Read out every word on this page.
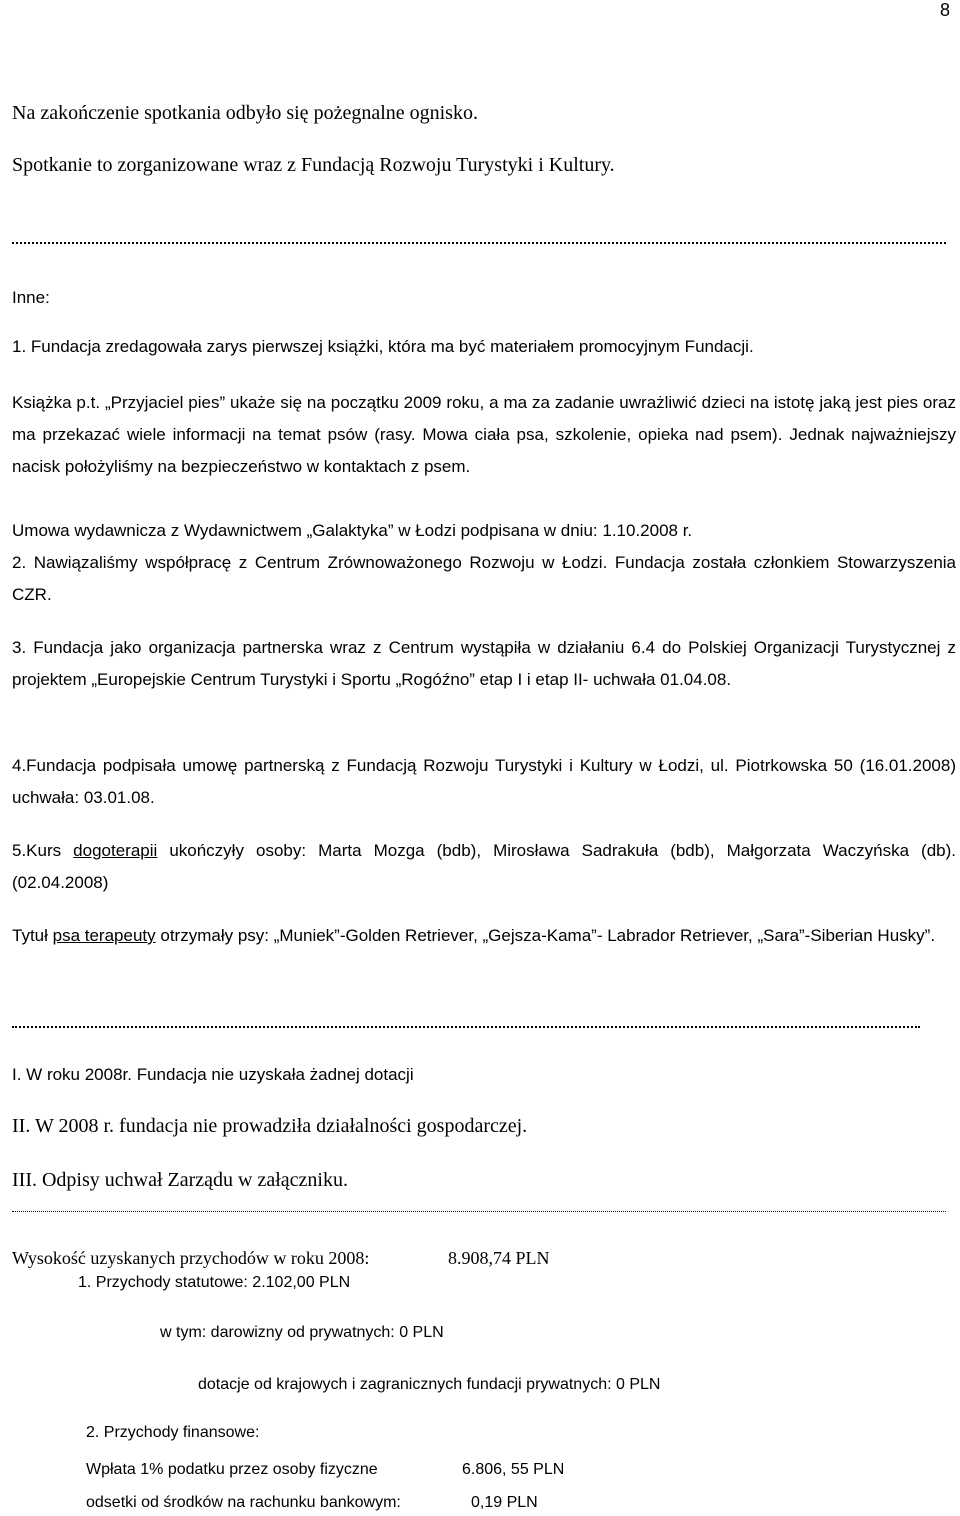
8
Na zakończenie spotkania odbyło się pożegnalne ognisko.
Spotkanie to zorganizowane wraz z Fundacją Rozwoju Turystyki i Kultury.
Inne:
1. Fundacja zredagowała zarys pierwszej książki, która ma być materiałem promocyjnym Fundacji.
Książka p.t. „Przyjaciel pies” ukaże się na początku 2009 roku, a ma za zadanie uwrażliwić dzieci na istotę jaką jest pies oraz ma przekazać wiele informacji na temat psów (rasy. Mowa ciała psa, szkolenie, opieka nad psem). Jednak najważniejszy nacisk położyliśmy na bezpieczeństwo w kontaktach z psem.
Umowa wydawnicza z Wydawnictwem „Galaktyka” w Łodzi podpisana w dniu: 1.10.2008 r.
2. Nawiązaliśmy współpracę z Centrum Zrównoważonego Rozwoju w Łodzi. Fundacja została członkiem Stowarzyszenia CZR.
3. Fundacja jako organizacja partnerska wraz z Centrum wystąpiła w działaniu 6.4 do Polskiej Organizacji Turystycznej z projektem „Europejskie Centrum Turystyki i Sportu „Rogóźno” etap I i etap II- uchwała 01.04.08.
4.Fundacja podpisała umowę partnerską z Fundacją Rozwoju Turystyki i Kultury w Łodzi, ul. Piotrkowska 50 (16.01.2008) uchwała: 03.01.08.
5.Kurs dogoterapii ukończyły osoby: Marta Mozga (bdb), Mirosława Sadrakuła (bdb), Małgorzata Waczyńska (db). (02.04.2008)
Tytuł psa terapeuty otrzymały psy: „Muniek”-Golden Retriever, „Gejsza-Kama”- Labrador Retriever, „Sara”-Siberian Husky”.
I. W roku 2008r. Fundacja nie uzyskała żadnej dotacji
II. W 2008 r. fundacja nie prowadziła działalności gospodarczej.
III. Odpisy uchwał Zarządu w załączniku.
Wysokość uzyskanych przychodów w roku 2008:	8.908,74 PLN
1. Przychody statutowe: 2.102,00 PLN
w tym: darowizny od prywatnych: 0 PLN
dotacje od krajowych i zagranicznych fundacji prywatnych: 0 PLN
2. Przychody finansowe:
Wpłata 1% podatku przez osoby fizyczne	6.806, 55 PLN
odsetki od środków na rachunku bankowym:	0,19 PLN
